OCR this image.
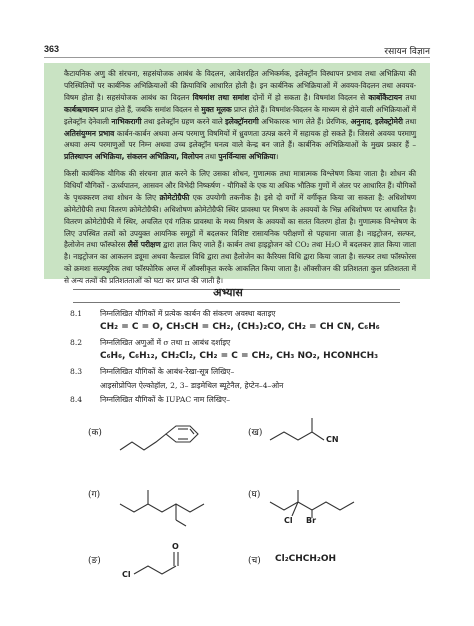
363	रसायन विज्ञान

कैटायनिक अणु की संरचना, सहसंयोजक आबंध के विदलन, आवेशरहित अभिकर्मक, इलेक्ट्रॉन विस्थापन प्रभाव तथा अभिक्रिया की परिस्थितियों पर कार्बनिक अभिक्रियाओं की क्रियाविधि आधारित होती है। इन कार्बनिक अभिक्रियाओं में अवयव-विदलन तथा अवयव-विषम होता है। सहसंयोजक आबंध का विदलन विषमांश तथा समांश दोनों में हो सकता है। विषमांश विदलन से कार्बोकैटायन तथा कार्बऋणायन प्राप्त होते हैं, जबकि समांश विदलन से मुक्त मूलक प्राप्त होते हैं। विषमांश-विदलन के माध्यम से होने वाली अभिक्रियाओं में इलेक्ट्रॉन देनेवाली नाभिकरागी तथा इलेक्ट्रॉन ग्रहण करने वाले इलेक्ट्रॉनरागी अभिकारक भाग लेते हैं। प्रेरणिक, अनुनाद, इलेक्ट्रोमेरी तथा अतिसंयुग्मन प्रभाव कार्बन-कार्बन अथवा अन्य परमाणु विषमियों में ध्रुवणता उत्पन्न करने में सहायक हो सकते हैं। जिससे अवयव परमाणु अथवा अन्य परमाणुओं पर निम्न अथवा उच्च इलेक्ट्रॉन घनत्व वाले केन्द्र बन जाते हैं। कार्बनिक अभिक्रियाओं के मुख्य प्रकार हैं – प्रतिस्थापन अभिक्रिया, संकलन अभिक्रिया, विलोपन तथा पुनर्विन्यास अभिक्रिया।

किसी कार्बनिक यौगिक की संरचना ज्ञात करने के लिए उसका शोधन, गुणात्मक तथा मात्रात्मक विश्लेषण किया जाता है। शोधन की विधियाँ यौगिकों - ऊर्ध्वपातन, आसवन और विभेदी निष्कर्षण - यौगिकों के एक या अधिक भौतिक गुणों में अंतर पर आधारित हैं। यौगिकों के पृथक्करण तथा शोधन के लिए क्रोमेटोग्रैफी एक उपयोगी तकनीक है। इसे दो वर्गों में वर्गीकृत किया जा सकता है: अधिशोषण क्रोमेटोग्रैफी तथा वितरण क्रोमेटोग्रैफी। अधिशोषण क्रोमेटोग्रैफी स्थिर प्रावस्था पर मिश्रण के अवयवों के भिन्न अधिशोषण पर आधारित है। वितरण क्रोमेटोग्रैफी में स्थिर, अचलित एवं गतिक प्रावस्था के मध्य मिश्रण के अवयवों का सतत वितरण होता है। गुणात्मक विश्लेषण के लिए उपस्थित तत्वों को उपयुक्त आयनिक समूहों में बदलकर विशिष्ट रासायनिक परीक्षणों से पहचाना जाता है। नाइट्रोजन, सल्फर, हैलोजेन तथा फॉस्फोरस लैसें परीक्षण द्वारा ज्ञात किए जाते हैं। कार्बन तथा हाइड्रोजन को CO₂ तथा H₂O में बदलकर ज्ञात किया जाता है। नाइट्रोजन का आकलन ड्यूमा अथवा कैल्डाल विधि द्वारा तथा हैलोजेन का कैरियस विधि द्वारा किया जाता है। सल्फर तथा फॉस्फोरस को क्रमशः सल्फ्यूरिक तथा फॉस्फोरिक अम्ल में ऑक्सीकृत करके आकलित किया जाता है। ऑक्सीजन की प्रतिशतता कुल प्रतिशतता में से अन्य तत्वों की प्रतिशतताओं को घटा कर प्राप्त की जाती है।

अभ्यास
8.1 निम्नलिखित यौगिकों में प्रत्येक कार्बन की संकरण अवस्था बताइए
CH₂ = C = O, CH₃CH = CH₂, (CH₃)₂CO, CH₂ = CH CN, C₆H₆
8.2 निम्नलिखित अणुओं में σ तथा π आबंध दर्शाइए
C₆H₆, C₆H₁₂, CH₂Cl₂, CH₂ = C = CH₂, CH₃ NO₂, HCONHCH₃
8.3 निम्नलिखित यौगिकों के आबंध-रेखा-सूत्र लिखिए–
आइसोप्रोपिल ऐल्कोहॉल, 2, 3– डाइमेथिल ब्यूटेनैल, हेप्टेन–4–ओन
8.4 निम्नलिखित यौगिकों के IUPAC नाम लिखिए–
(क)	(ख)
(ग)	(घ)
(ङ)	(च)
CN
Cl Br
Cl
O
Cl₂CHCH₂OH
